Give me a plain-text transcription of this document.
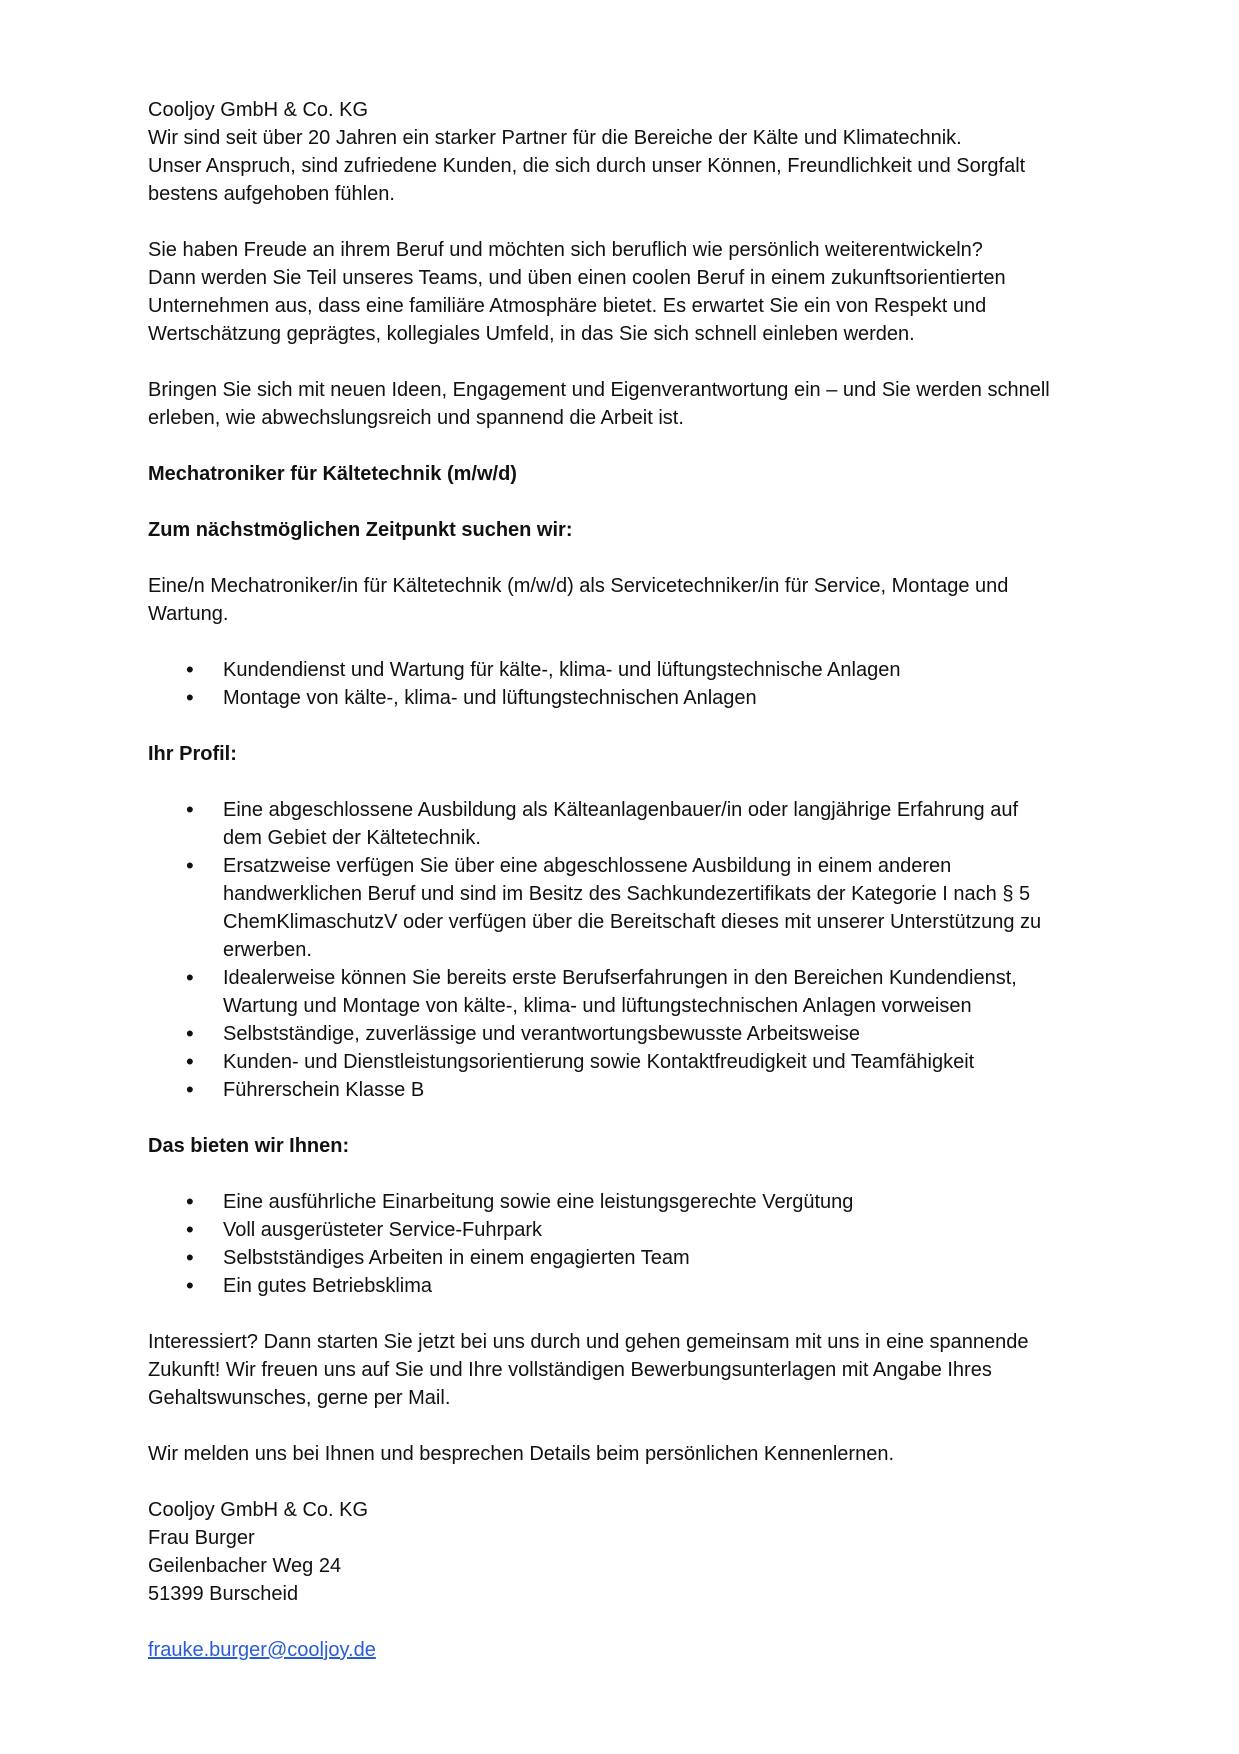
Cooljoy GmbH & Co. KG
Wir sind seit über 20 Jahren ein starker Partner für die Bereiche der Kälte und Klimatechnik.
Unser Anspruch, sind zufriedene Kunden, die sich durch unser Können, Freundlichkeit und Sorgfalt
bestens aufgehoben fühlen.

Sie haben Freude an ihrem Beruf und möchten sich beruflich wie persönlich weiterentwickeln?
Dann werden Sie Teil unseres Teams, und üben einen coolen Beruf in einem zukunftsorientierten
Unternehmen aus, dass eine familiäre Atmosphäre bietet. Es erwartet Sie ein von Respekt und
Wertschätzung geprägtes, kollegiales Umfeld, in das Sie sich schnell einleben werden.

Bringen Sie sich mit neuen Ideen, Engagement und Eigenverantwortung ein – und Sie werden schnell
erleben, wie abwechslungsreich und spannend die Arbeit ist.

Mechatroniker für Kältetechnik (m/w/d)

Zum nächstmöglichen Zeitpunkt suchen wir:

Eine/n Mechatroniker/in für Kältetechnik (m/w/d) als Servicetechniker/in für Service, Montage und
Wartung.

• Kundendienst und Wartung für kälte-, klima- und lüftungstechnische Anlagen
• Montage von kälte-, klima- und lüftungstechnischen Anlagen

Ihr Profil:

• Eine abgeschlossene Ausbildung als Kälteanlagenbauer/in oder langjährige Erfahrung auf
dem Gebiet der Kältetechnik.
• Ersatzweise verfügen Sie über eine abgeschlossene Ausbildung in einem anderen
handwerklichen Beruf und sind im Besitz des Sachkundezertifikats der Kategorie I nach § 5
ChemKlimaschutzV oder verfügen über die Bereitschaft dieses mit unserer Unterstützung zu
erwerben.
• Idealerweise können Sie bereits erste Berufserfahrungen in den Bereichen Kundendienst,
Wartung und Montage von kälte-, klima- und lüftungstechnischen Anlagen vorweisen
• Selbstständige, zuverlässige und verantwortungsbewusste Arbeitsweise
• Kunden- und Dienstleistungsorientierung sowie Kontaktfreudigkeit und Teamfähigkeit
• Führerschein Klasse B

Das bieten wir Ihnen:

• Eine ausführliche Einarbeitung sowie eine leistungsgerechte Vergütung
• Voll ausgerüsteter Service-Fuhrpark
• Selbstständiges Arbeiten in einem engagierten Team
• Ein gutes Betriebsklima

Interessiert? Dann starten Sie jetzt bei uns durch und gehen gemeinsam mit uns in eine spannende
Zukunft! Wir freuen uns auf Sie und Ihre vollständigen Bewerbungsunterlagen mit Angabe Ihres
Gehaltswunsches, gerne per Mail.

Wir melden uns bei Ihnen und besprechen Details beim persönlichen Kennenlernen.

Cooljoy GmbH & Co. KG
Frau Burger
Geilenbacher Weg 24
51399 Burscheid

frauke.burger@cooljoy.de
